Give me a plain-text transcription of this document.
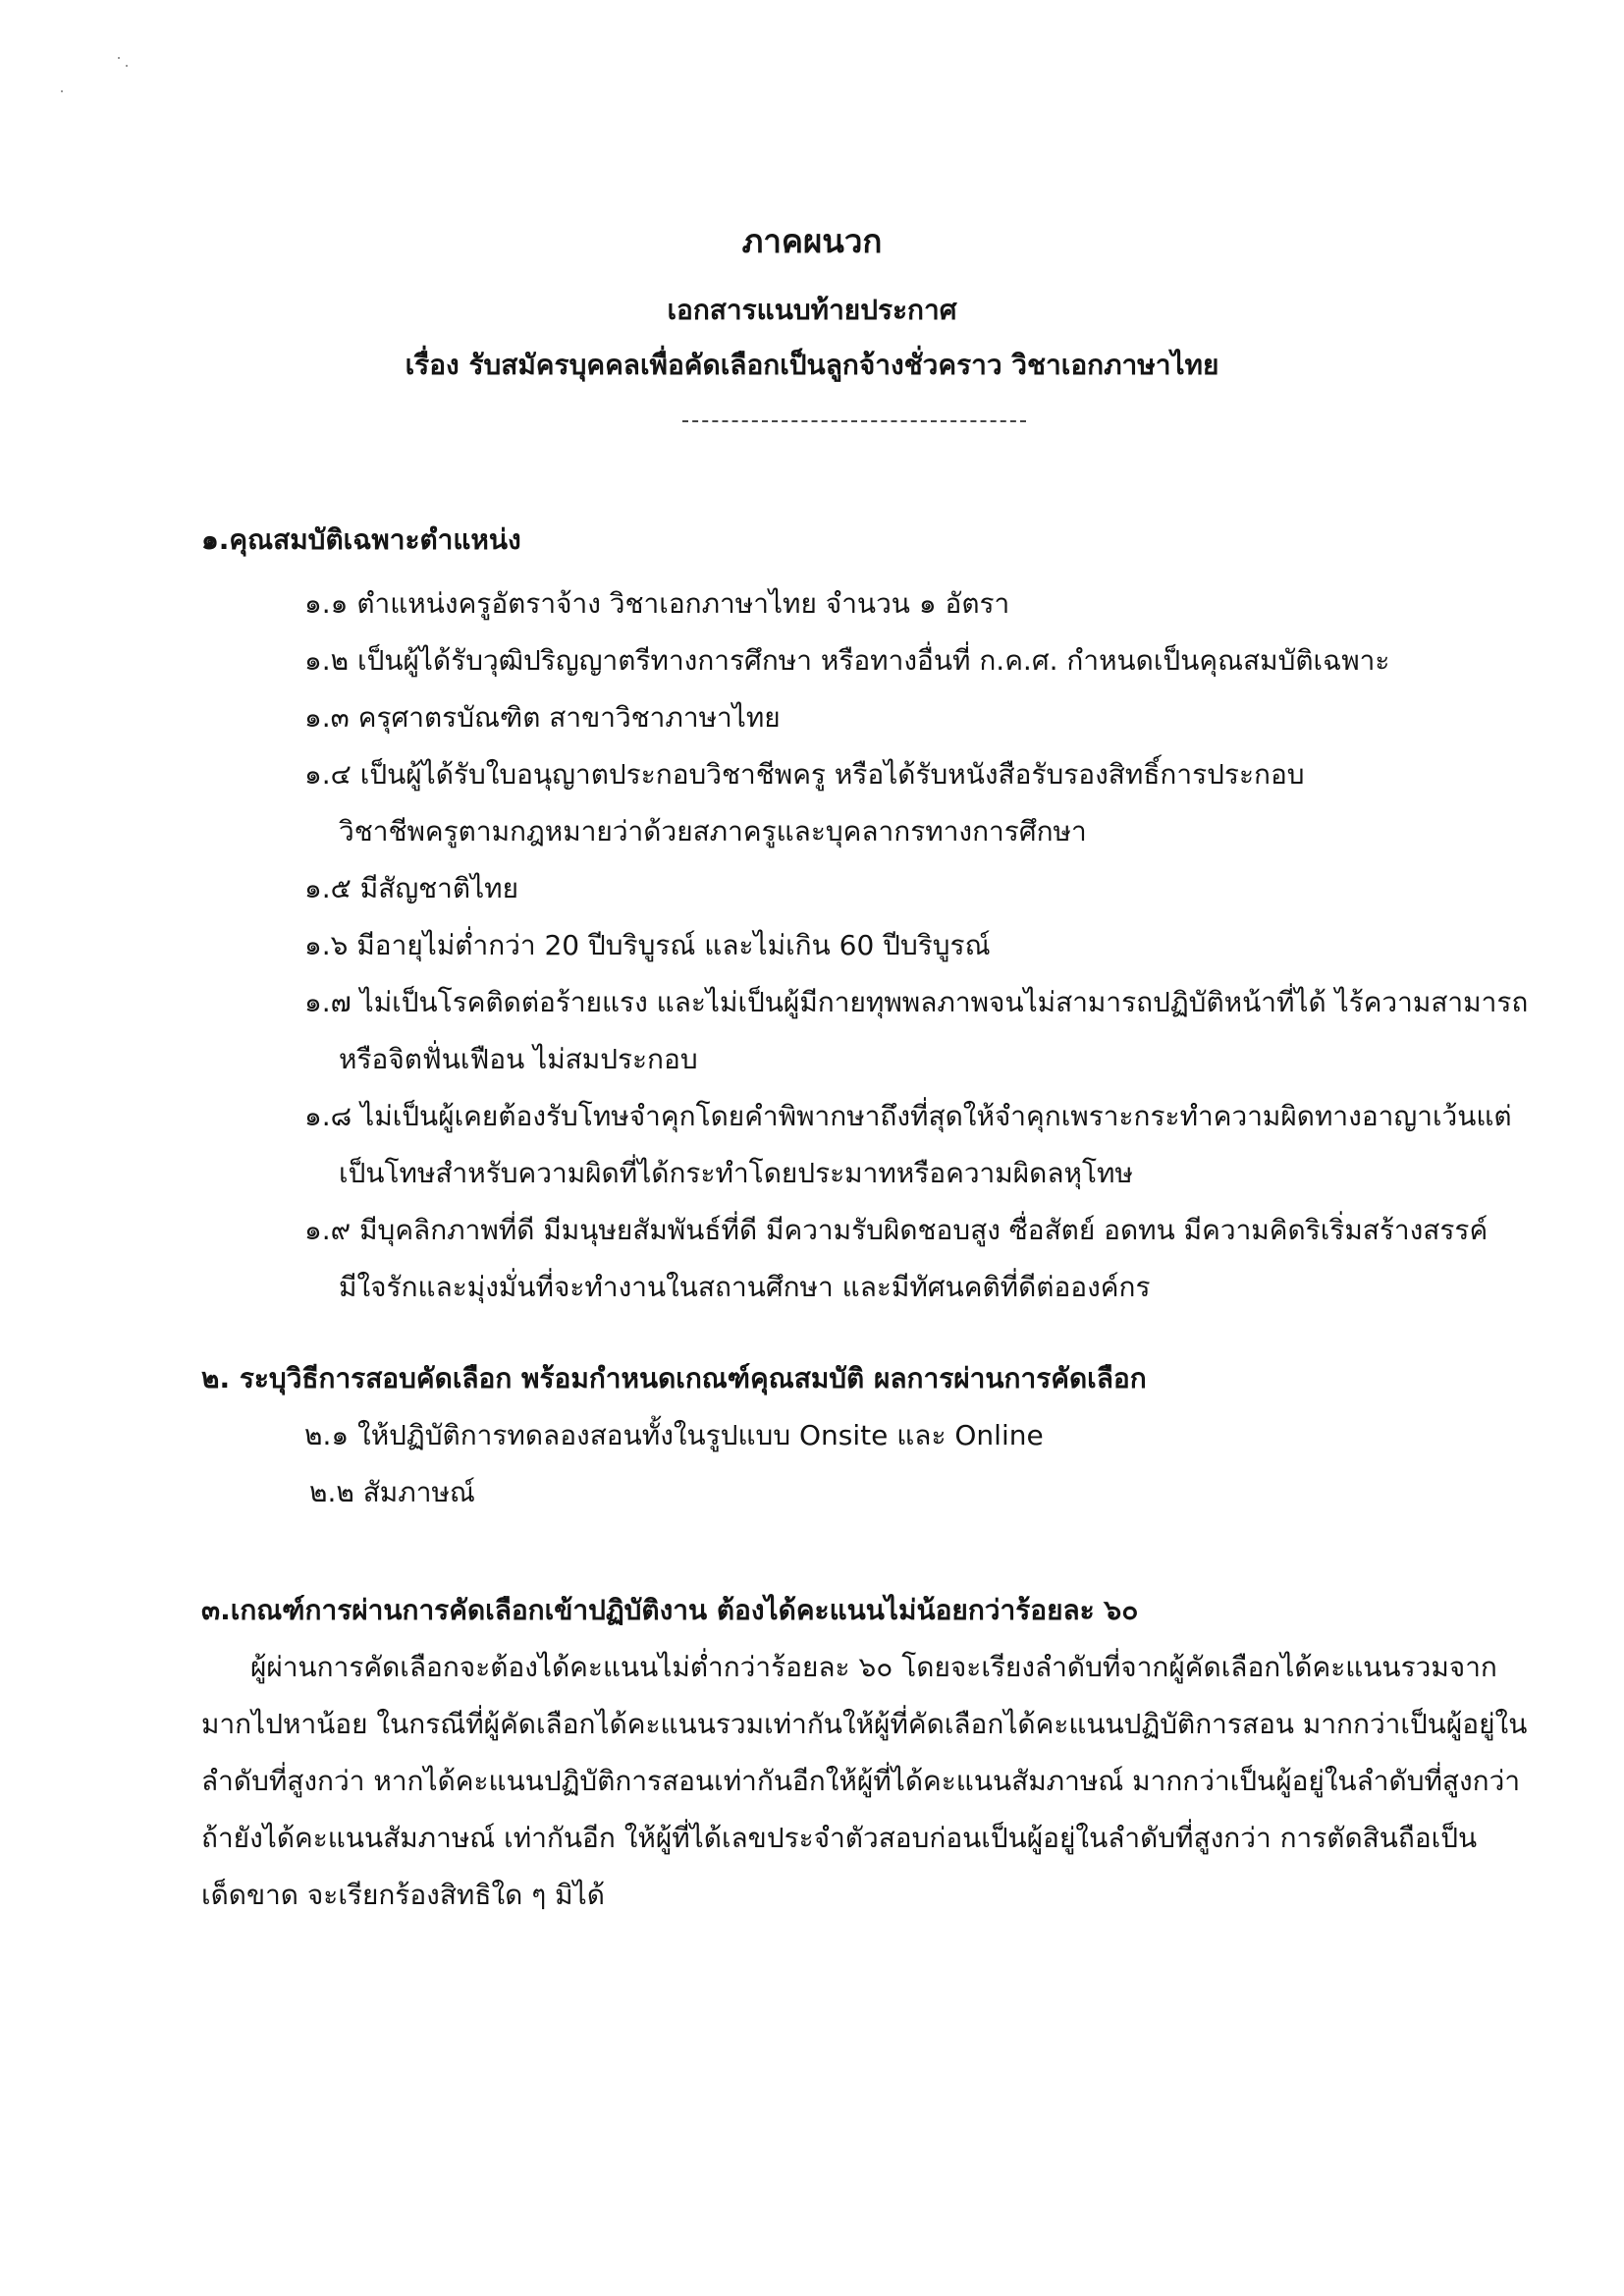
ภาคผนวก
เอกสารแนบท้ายประกาศ
เรื่อง รับสมัครบุคคลเพื่อคัดเลือกเป็นลูกจ้างชั่วคราว วิชาเอกภาษาไทย
๑.คุณสมบัติเฉพาะตำแหน่ง
๑.๑ ตำแหน่งครูอัตราจ้าง วิชาเอกภาษาไทย จำนวน ๑ อัตรา
๑.๒ เป็นผู้ได้รับวุฒิปริญญาตรีทางการศึกษา หรือทางอื่นที่ ก.ค.ศ. กำหนดเป็นคุณสมบัติเฉพาะ
๑.๓ ครุศาตรบัณฑิต สาขาวิชาภาษาไทย
๑.๔ เป็นผู้ได้รับใบอนุญาตประกอบวิชาชีพครู หรือได้รับหนังสือรับรองสิทธิ์การประกอบ
วิชาชีพครูตามกฎหมายว่าด้วยสภาครูและบุคลากรทางการศึกษา
๑.๕ มีสัญชาติไทย
๑.๖ มีอายุไม่ต่ำกว่า 20 ปีบริบูรณ์ และไม่เกิน 60 ปีบริบูรณ์
๑.๗ ไม่เป็นโรคติดต่อร้ายแรง และไม่เป็นผู้มีกายทุพพลภาพจนไม่สามารถปฏิบัติหน้าที่ได้ ไร้ความสามารถ
หรือจิตฟั่นเฟือน ไม่สมประกอบ
๑.๘ ไม่เป็นผู้เคยต้องรับโทษจำคุกโดยคำพิพากษาถึงที่สุดให้จำคุกเพราะกระทำความผิดทางอาญาเว้นแต่
เป็นโทษสำหรับความผิดที่ได้กระทำโดยประมาทหรือความผิดลหุโทษ
๑.๙ มีบุคลิกภาพที่ดี มีมนุษยสัมพันธ์ที่ดี มีความรับผิดชอบสูง ซื่อสัตย์ อดทน มีความคิดริเริ่มสร้างสรรค์
มีใจรักและมุ่งมั่นที่จะทำงานในสถานศึกษา และมีทัศนคติที่ดีต่อองค์กร
๒. ระบุวิธีการสอบคัดเลือก พร้อมกำหนดเกณฑ์คุณสมบัติ ผลการผ่านการคัดเลือก
๒.๑ ให้ปฏิบัติการทดลองสอนทั้งในรูปแบบ Onsite และ Online
๒.๒ สัมภาษณ์
๓.เกณฑ์การผ่านการคัดเลือกเข้าปฏิบัติงาน ต้องได้คะแนนไม่น้อยกว่าร้อยละ ๖๐
ผู้ผ่านการคัดเลือกจะต้องได้คะแนนไม่ต่ำกว่าร้อยละ ๖๐ โดยจะเรียงลำดับที่จากผู้คัดเลือกได้คะแนนรวมจาก
มากไปหาน้อย ในกรณีที่ผู้คัดเลือกได้คะแนนรวมเท่ากันให้ผู้ที่คัดเลือกได้คะแนนปฏิบัติการสอน มากกว่าเป็นผู้อยู่ใน
ลำดับที่สูงกว่า หากได้คะแนนปฏิบัติการสอนเท่ากันอีกให้ผู้ที่ได้คะแนนสัมภาษณ์ มากกว่าเป็นผู้อยู่ในลำดับที่สูงกว่า
ถ้ายังได้คะแนนสัมภาษณ์ เท่ากันอีก ให้ผู้ที่ได้เลขประจำตัวสอบก่อนเป็นผู้อยู่ในลำดับที่สูงกว่า การตัดสินถือเป็น
เด็ดขาด จะเรียกร้องสิทธิใด ๆ มิได้
